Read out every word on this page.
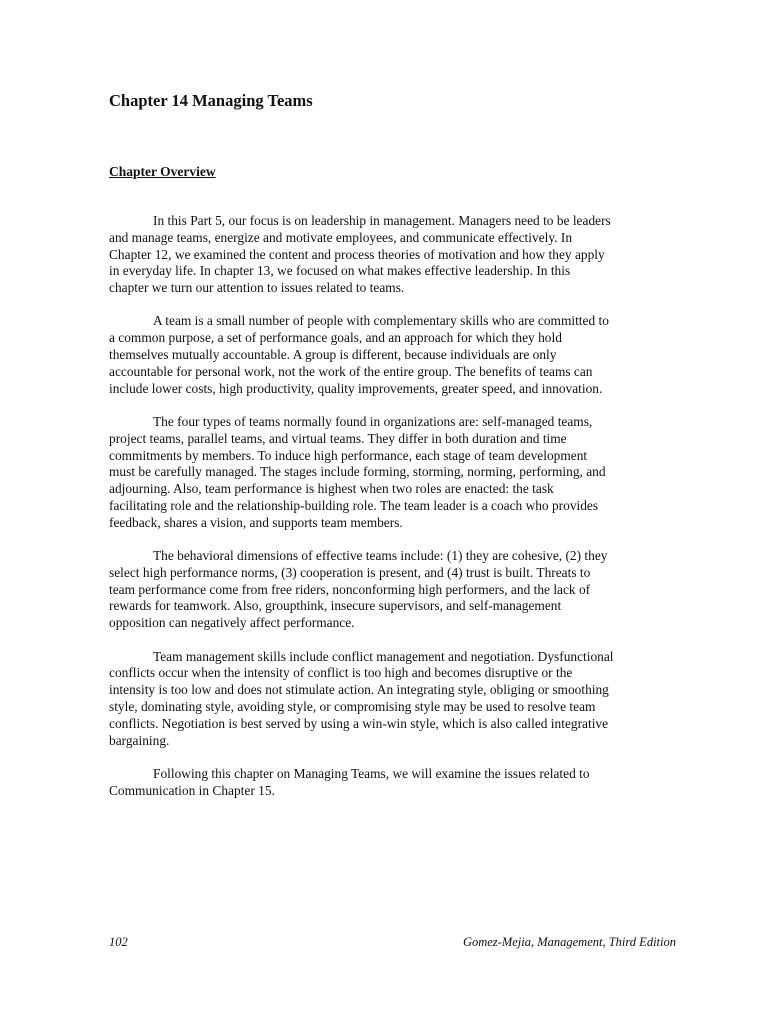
Chapter 14 Managing Teams
Chapter Overview

In this Part 5, our focus is on leadership in management. Managers need to be leaders
and manage teams, energize and motivate employees, and communicate effectively. In
Chapter 12, we examined the content and process theories of motivation and how they apply
in everyday life. In chapter 13, we focused on what makes effective leadership. In this
chapter we turn our attention to issues related to teams.

A team is a small number of people with complementary skills who are committed to
a common purpose, a set of performance goals, and an approach for which they hold
themselves mutually accountable. A group is different, because individuals are only
accountable for personal work, not the work of the entire group. The benefits of teams can
include lower costs, high productivity, quality improvements, greater speed, and innovation.

The four types of teams normally found in organizations are: self-managed teams,
project teams, parallel teams, and virtual teams. They differ in both duration and time
commitments by members. To induce high performance, each stage of team development
must be carefully managed. The stages include forming, storming, norming, performing, and
adjourning. Also, team performance is highest when two roles are enacted: the task
facilitating role and the relationship-building role. The team leader is a coach who provides
feedback, shares a vision, and supports team members.

The behavioral dimensions of effective teams include: (1) they are cohesive, (2) they
select high performance norms, (3) cooperation is present, and (4) trust is built. Threats to
team performance come from free riders, nonconforming high performers, and the lack of
rewards for teamwork. Also, groupthink, insecure supervisors, and self-management
opposition can negatively affect performance.

Team management skills include conflict management and negotiation. Dysfunctional
conflicts occur when the intensity of conflict is too high and becomes disruptive or the
intensity is too low and does not stimulate action. An integrating style, obliging or smoothing
style, dominating style, avoiding style, or compromising style may be used to resolve team
conflicts. Negotiation is best served by using a win-win style, which is also called integrative
bargaining.

Following this chapter on Managing Teams, we will examine the issues related to
Communication in Chapter 15.

102	Gomez-Mejia, Management, Third Edition
